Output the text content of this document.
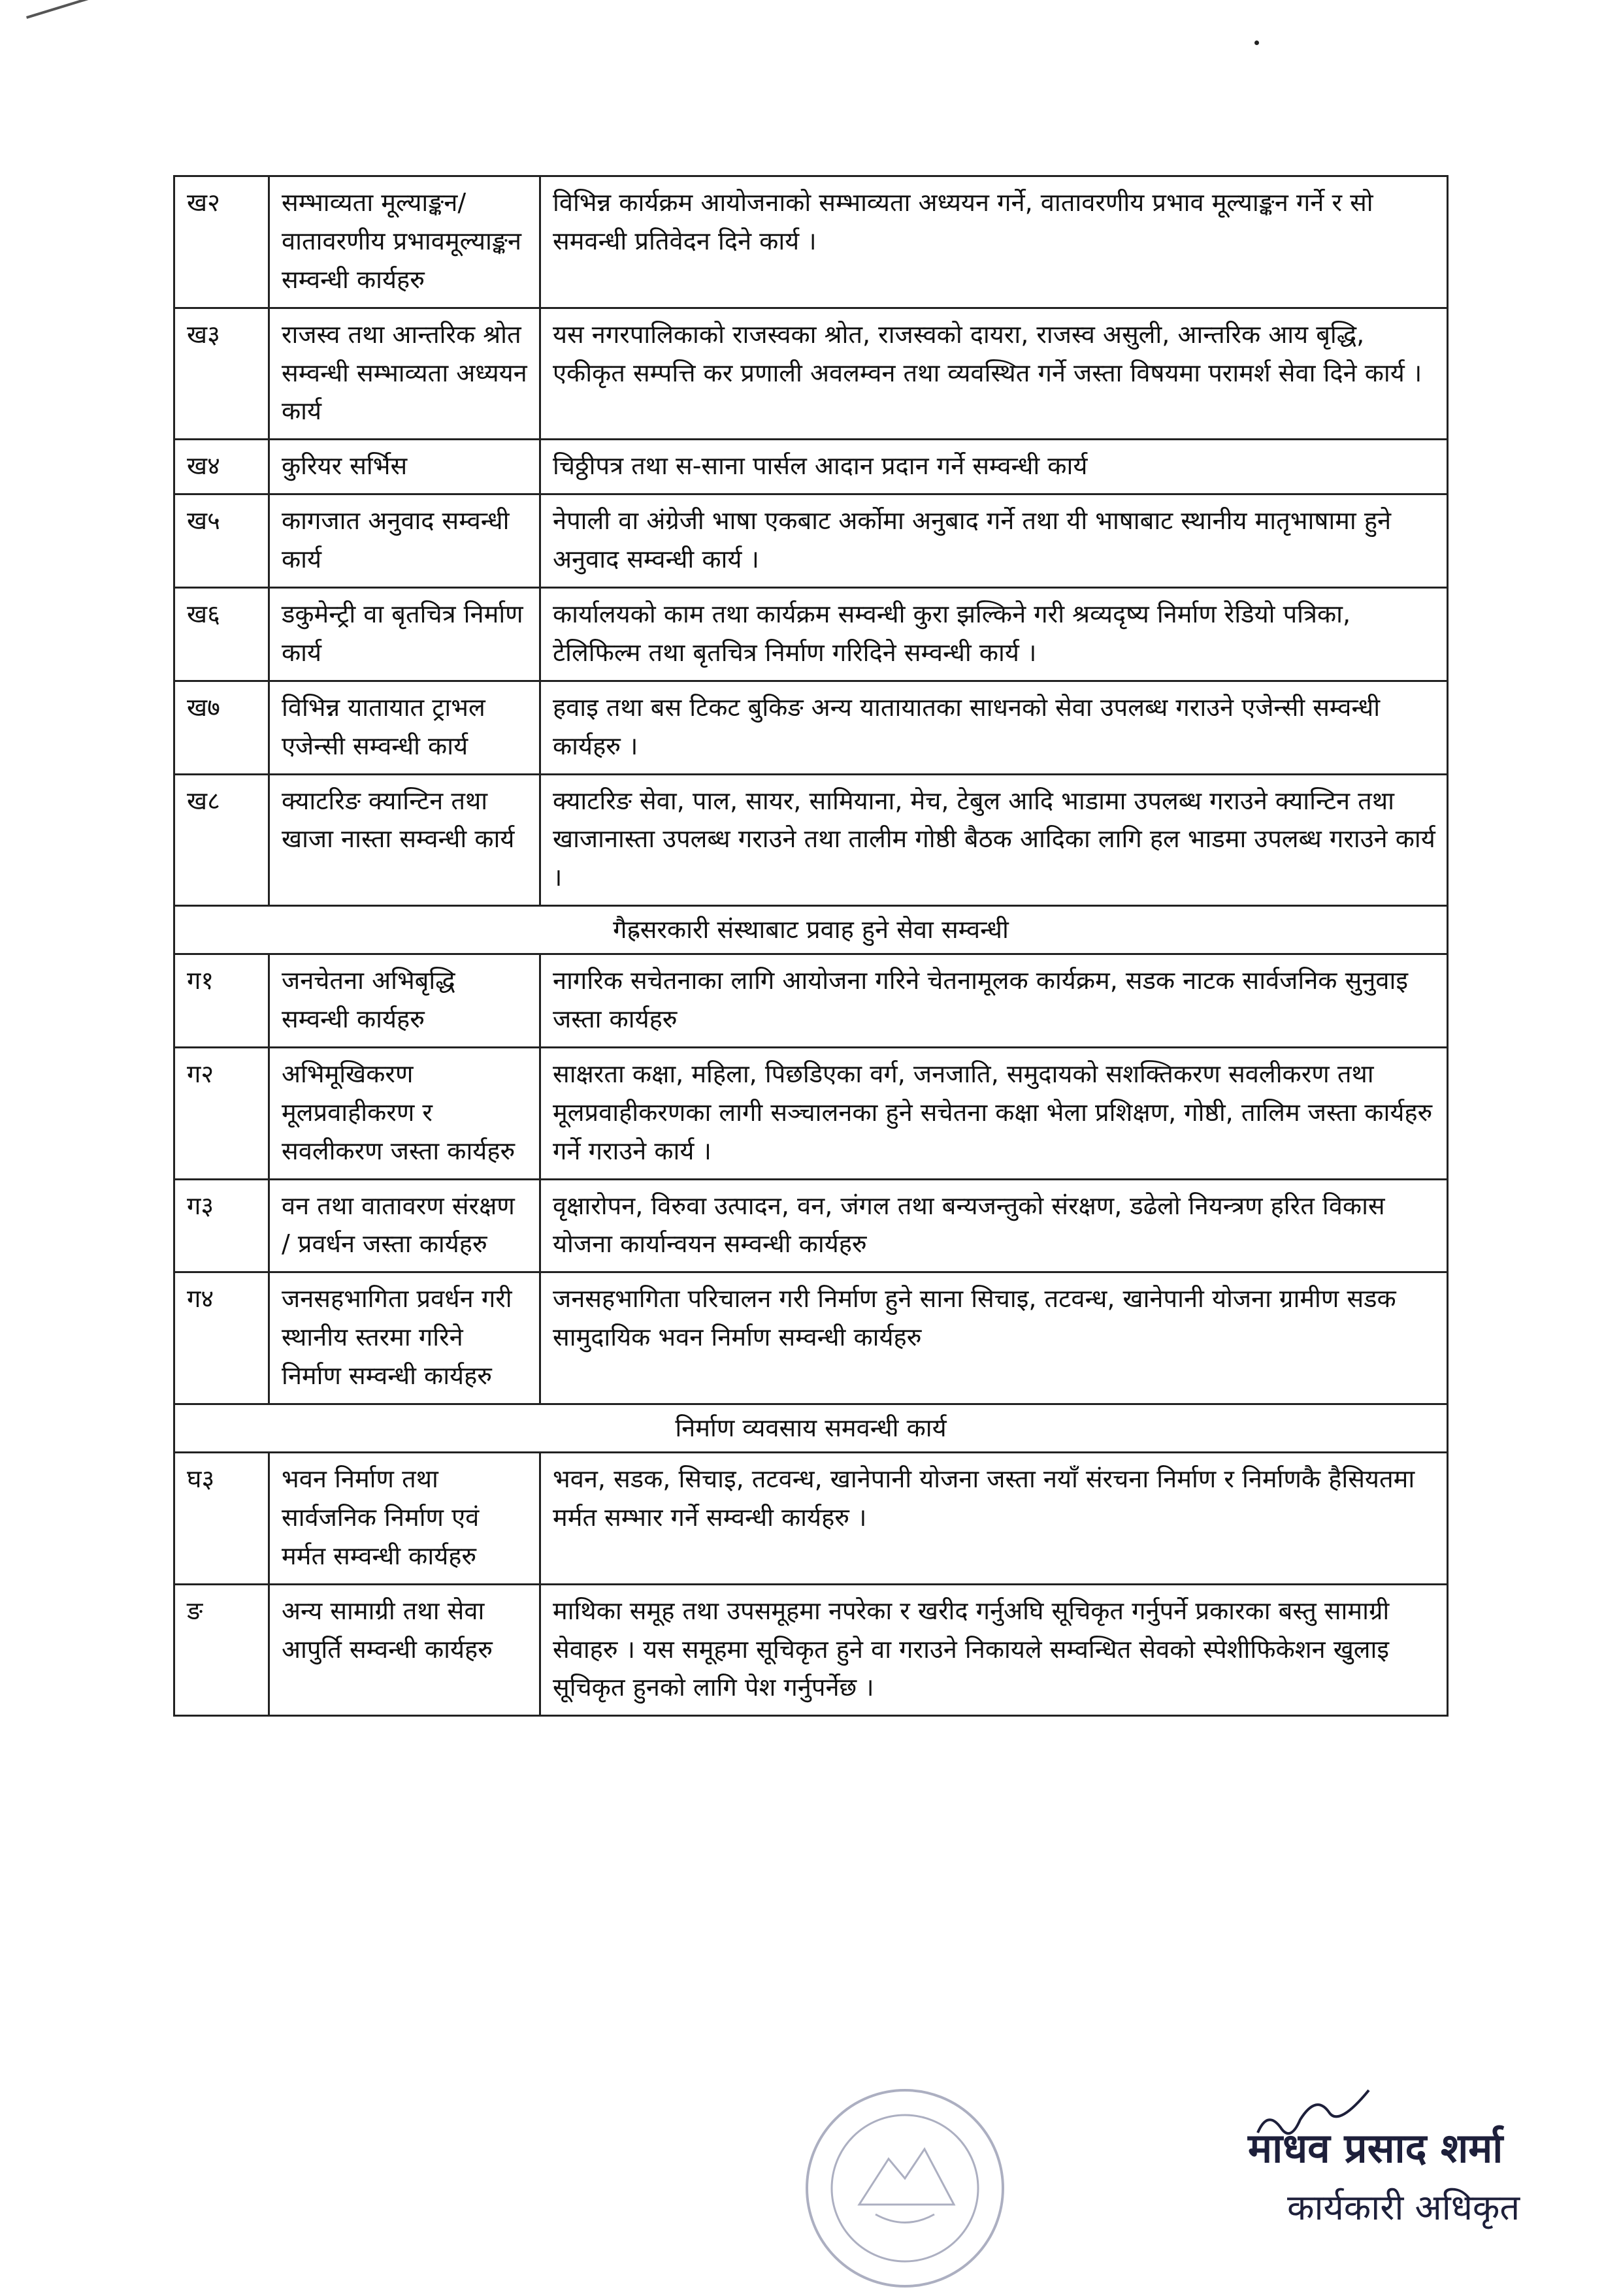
ख२	सम्भाव्यता मूल्याङ्कन/ वातावरणीय प्रभावमूल्याङ्कन सम्वन्धी कार्यहरु	विभिन्न कार्यक्रम आयोजनाको सम्भाव्यता अध्ययन गर्ने, वातावरणीय प्रभाव मूल्याङ्कन गर्ने र सो समवन्धी प्रतिवेदन दिने कार्य ।
ख३	राजस्व तथा आन्तरिक श्रोत सम्वन्धी सम्भाव्यता अध्ययन कार्य	यस नगरपालिकाको राजस्वका श्रोत, राजस्वको दायरा, राजस्व असुली, आन्तरिक आय बृद्धि, एकीकृत सम्पत्ति कर प्रणाली अवलम्वन तथा व्यवस्थित गर्ने जस्ता विषयमा परामर्श सेवा दिने कार्य ।
ख४	कुरियर सर्भिस	चिठ्ठीपत्र तथा स-साना पार्सल आदान प्रदान गर्ने सम्वन्धी कार्य
ख५	कागजात अनुवाद सम्वन्धी कार्य	नेपाली वा अंग्रेजी भाषा एकबाट अर्कोमा अनुबाद गर्ने तथा यी भाषाबाट स्थानीय मातृभाषामा हुने अनुवाद सम्वन्धी कार्य ।
ख६	डकुमेन्ट्री वा बृतचित्र निर्माण कार्य	कार्यालयको काम तथा कार्यक्रम सम्वन्धी कुरा झल्किने गरी श्रव्यदृष्य निर्माण रेडियो पत्रिका, टेलिफिल्म तथा बृतचित्र निर्माण गरिदिने सम्वन्धी कार्य ।
ख७	विभिन्न यातायात ट्राभल एजेन्सी सम्वन्धी कार्य	हवाइ तथा बस टिकट बुकिङ अन्य यातायातका साधनको सेवा उपलब्ध गराउने एजेन्सी सम्वन्धी कार्यहरु ।
ख८	क्याटरिङ क्यान्टिन तथा खाजा नास्ता सम्वन्धी कार्य	क्याटरिङ सेवा, पाल, सायर, सामियाना, मेच, टेबुल आदि भाडामा उपलब्ध गराउने क्यान्टिन तथा खाजानास्ता उपलब्ध गराउने तथा तालीम गोष्ठी बैठक आदिका लागि हल भाडमा उपलब्ध गराउने कार्य ।
गैह्रसरकारी संस्थाबाट प्रवाह हुने सेवा सम्वन्धी		
ग१	जनचेतना अभिबृद्धि सम्वन्धी कार्यहरु	नागरिक सचेतनाका लागि आयोजना गरिने चेतनामूलक कार्यक्रम, सडक नाटक सार्वजनिक सुनुवाइ जस्ता कार्यहरु
ग२	अभिमूखिकरण मूलप्रवाहीकरण र सवलीकरण जस्ता कार्यहरु	साक्षरता कक्षा, महिला, पिछडिएका वर्ग, जनजाति, समुदायको सशक्तिकरण सवलीकरण तथा मूलप्रवाहीकरणका लागी सञ्चालनका हुने सचेतना कक्षा भेला प्रशिक्षण, गोष्ठी, तालिम जस्ता कार्यहरु गर्ने गराउने कार्य ।
ग३	वन तथा वातावरण संरक्षण / प्रवर्धन जस्ता कार्यहरु	वृक्षारोपन, विरुवा उत्पादन, वन, जंगल तथा बन्यजन्तुको संरक्षण, डढेलो नियन्त्रण हरित विकास योजना कार्यान्वयन सम्वन्धी कार्यहरु
ग४	जनसहभागिता प्रवर्धन गरी स्थानीय स्तरमा गरिने निर्माण सम्वन्धी कार्यहरु	जनसहभागिता परिचालन गरी निर्माण हुने साना सिचाइ, तटवन्ध, खानेपानी योजना ग्रामीण सडक सामुदायिक भवन निर्माण सम्वन्धी कार्यहरु
निर्माण व्यवसाय समवन्धी कार्य		
घ३	भवन निर्माण तथा सार्वजनिक निर्माण एवं मर्मत सम्वन्धी कार्यहरु	भवन, सडक, सिचाइ, तटवन्ध, खानेपानी योजना जस्ता नयाँ संरचना निर्माण र निर्माणकै हैसियतमा मर्मत सम्भार गर्ने सम्वन्धी कार्यहरु ।
ङ	अन्य सामाग्री तथा सेवा आपुर्ति सम्वन्धी कार्यहरु	माथिका समूह तथा उपसमूहमा नपरेका र खरीद गर्नुअघि सूचिकृत गर्नुपर्ने प्रकारका बस्तु सामाग्री सेवाहरु । यस समूहमा सूचिकृत हुने वा गराउने निकायले सम्वन्धित सेवको स्पेशीफिकेशन खुलाइ सूचिकृत हुनको लागि पेश गर्नुपर्नेछ ।
माधव प्रसाद शर्मा
कार्यकारी अधिकृत
